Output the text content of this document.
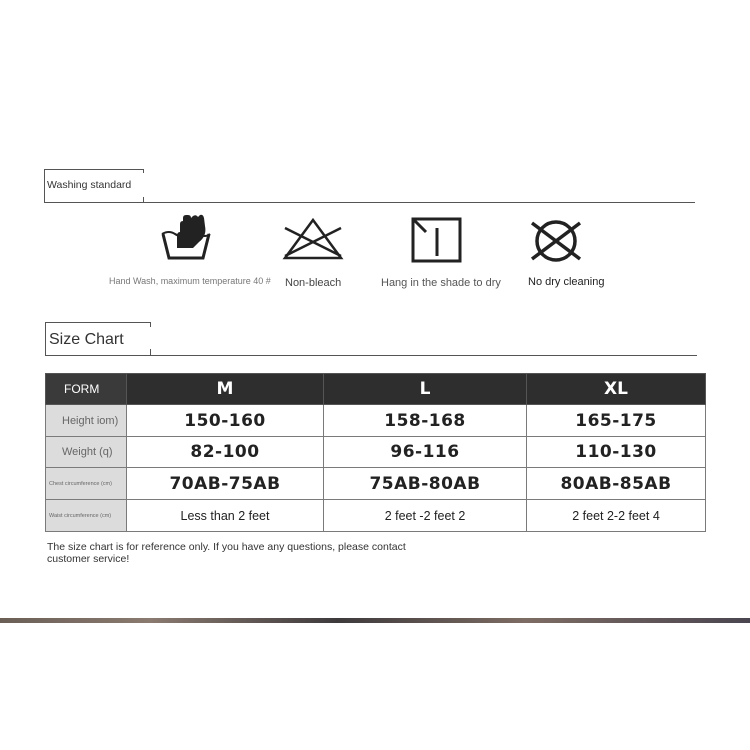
Washing standard
Hand Wash, maximum temperature 40 # Non-bleach	Hang in the shade to dry No dry cleaning
Size Chart
FORM	M	L	XL
Height iom)	150-160	158-168	165-175
Weight (q)	82-100	96-116	110-130
Chest circumference (cm)	70AB-75AB	75AB-80AB	80AB-85AB
Waist circumference (cm)	Less than 2 feet	2 feet -2 feet 2	2 feet 2-2 feet 4
The size chart is for reference only. If you have any questions, please contact customer service!
